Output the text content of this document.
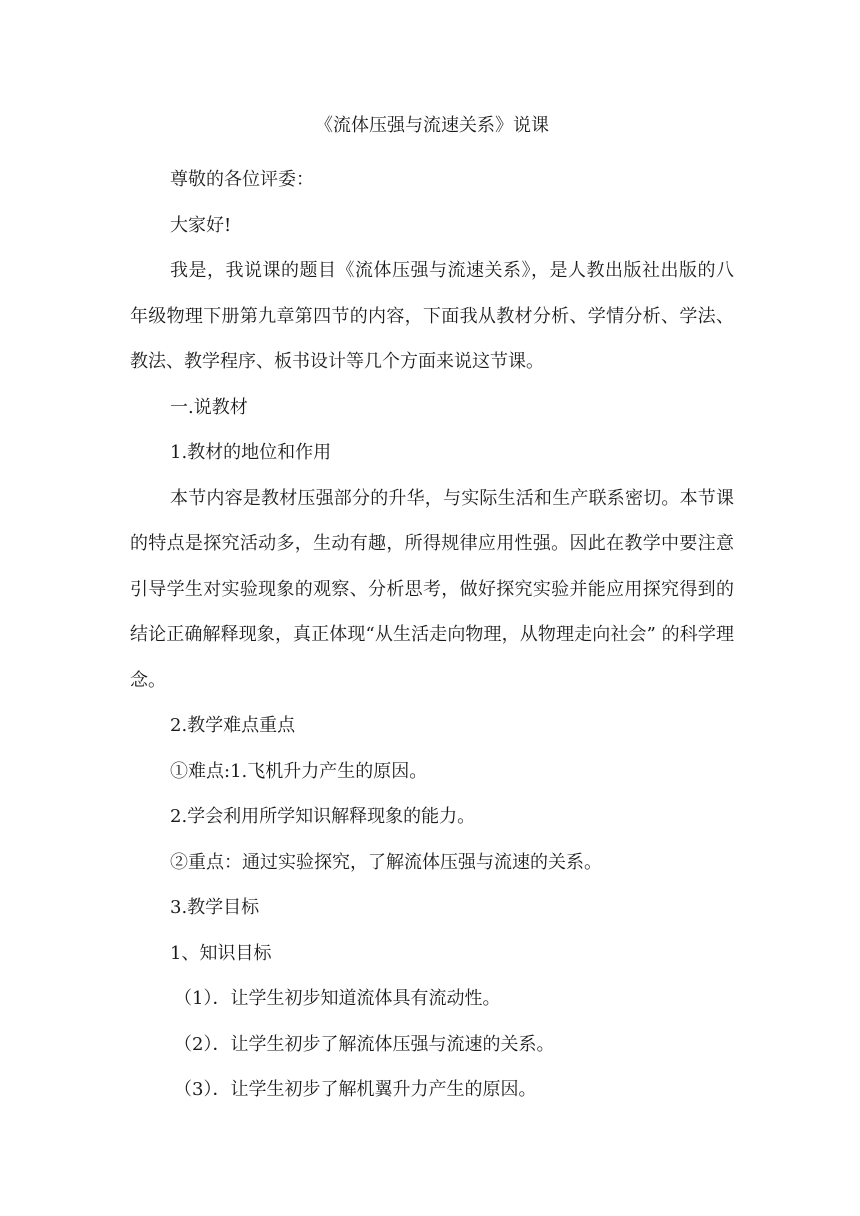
《流体压强与流速关系》说课

尊敬的各位评委：

大家好!

我是，我说课的题目《流体压强与流速关系》，是人教出版社出版的八年级物理下册第九章第四节的内容，下面我从教材分析、学情分析、学法、教法、教学程序、板书设计等几个方面来说这节课。

一.说教材

1.教材的地位和作用

本节内容是教材压强部分的升华，与实际生活和生产联系密切。本节课的特点是探究活动多，生动有趣，所得规律应用性强。因此在教学中要注意引导学生对实验现象的观察、分析思考，做好探究实验并能应用探究得到的结论正确解释现象，真正体现“从生活走向物理，从物理走向社会” 的科学理念。

2.教学难点重点

①难点:1.飞机升力产生的原因。

2.学会利用所学知识解释现象的能力。

②重点：通过实验探究，了解流体压强与流速的关系。

3.教学目标

1、知识目标

（1）．让学生初步知道流体具有流动性。

（2）．让学生初步了解流体压强与流速的关系。

（3）．让学生初步了解机翼升力产生的原因。
